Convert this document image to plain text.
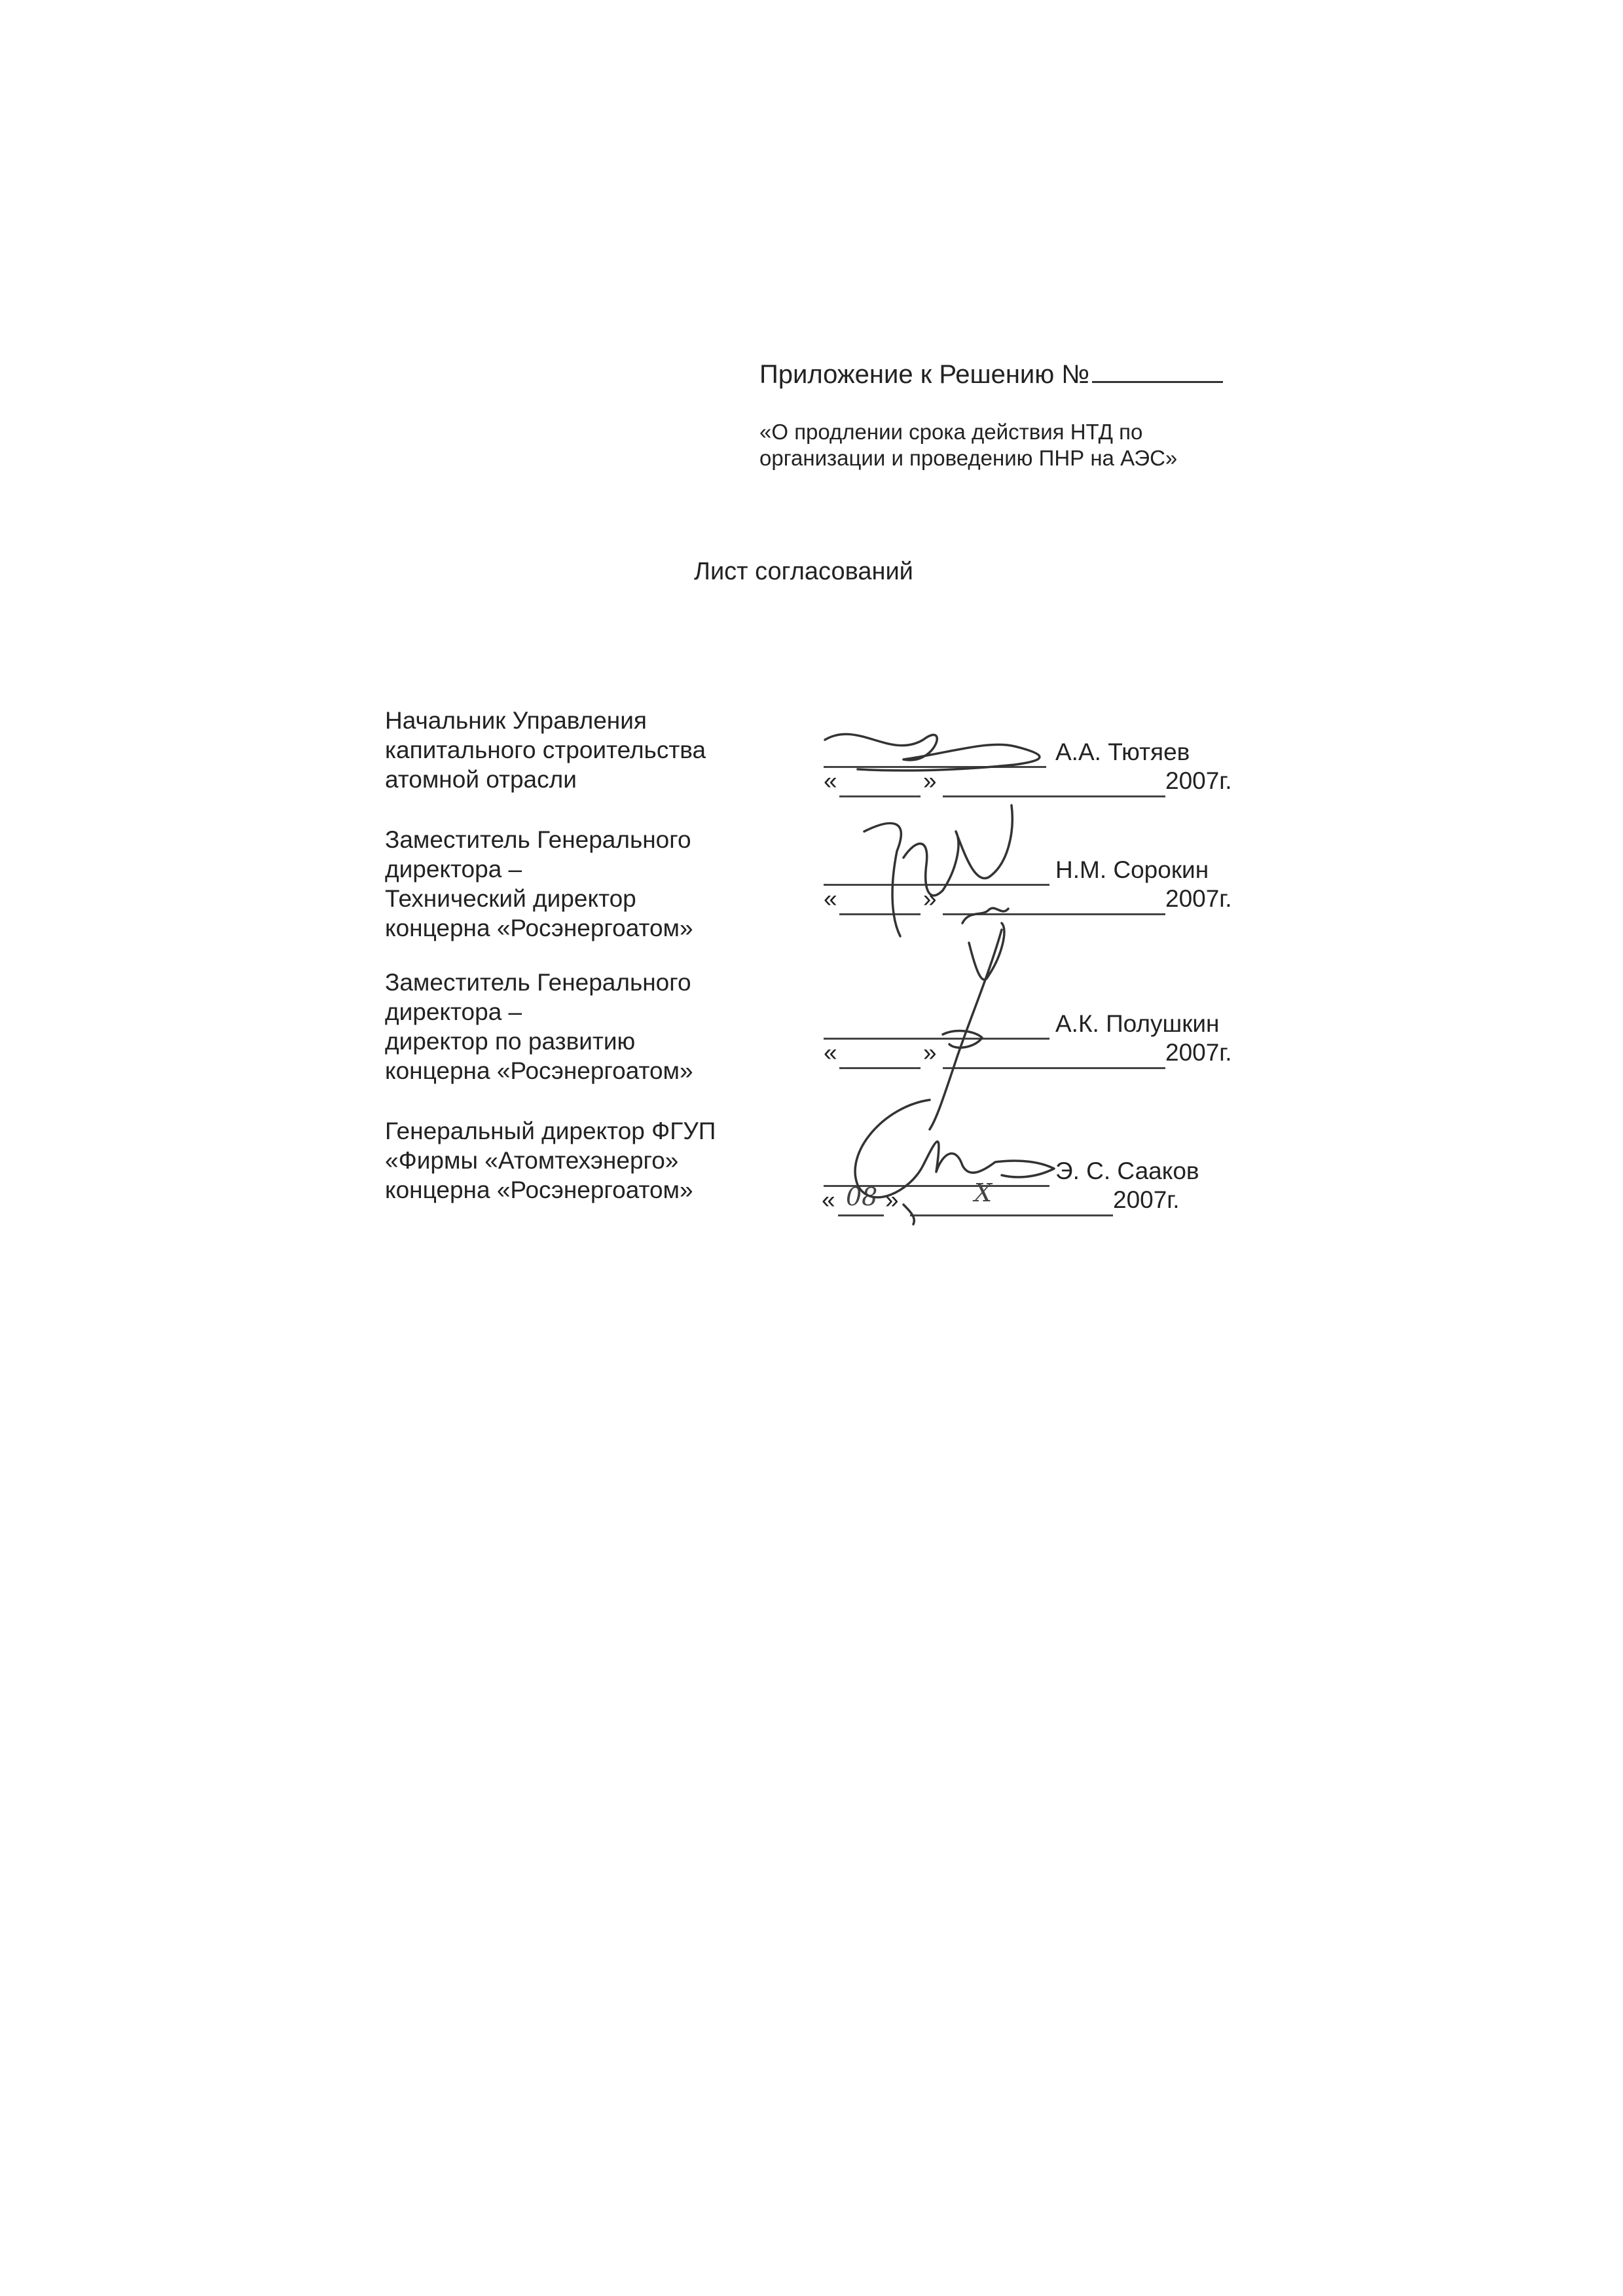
Приложение к Решению №
«О продлении срока действия НТД по
организации и проведению ПНР на АЭС»
Лист согласований
Начальник Управления
капитального строительства
атомной отрасли
А.А. Тютяев
«	»	2007г.
Заместитель Генерального
директора –
Технический директор
концерна «Росэнергоатом»
Н.М. Сорокин
«	»	2007г.
Заместитель Генерального
директора –
директор по развитию
концерна «Росэнергоатом»
А.К. Полушкин
«	»	2007г.
Генеральный директор ФГУП
«Фирмы «Атомтехэнерго»
концерна «Росэнергоатом»
Э. С. Сааков
« 08 »	X	2007г.
